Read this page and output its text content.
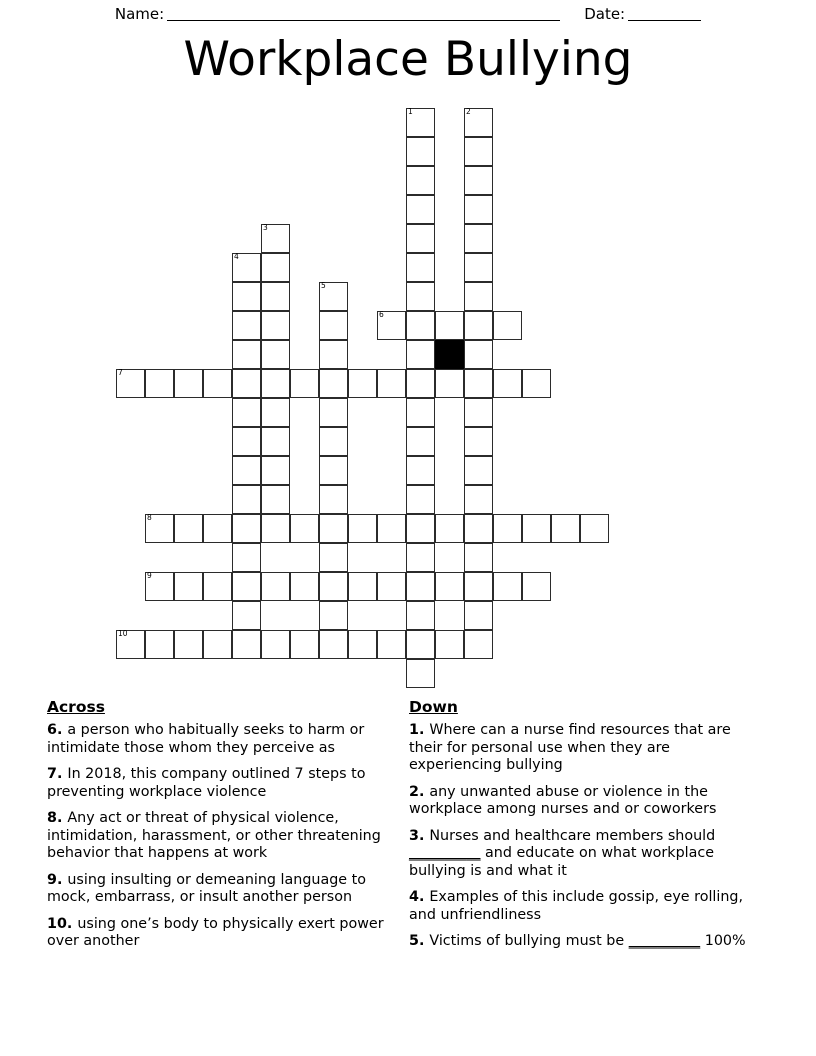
Name:	Date:
Workplace Bullying
1	2
3
4
5
6
7
8
9
10
Across

6. a person who habitually seeks to harm or intimidate those whom they perceive as

7. In 2018, this company outlined 7 steps to preventing workplace violence

8. Any act or threat of physical violence, intimidation, harassment, or other threatening behavior that happens at work

9. using insulting or demeaning language to mock, embarrass, or insult another person

10. using one’s body to physically exert power over another

Down

1. Where can a nurse find resources that are their for personal use when they are experiencing bullying

2. any unwanted abuse or violence in the workplace among nurses and or coworkers

3. Nurses and healthcare members should __________ and educate on what workplace bullying is and what it

4. Examples of this include gossip, eye rolling, and unfriendliness

5. Victims of bullying must be __________ 100%
